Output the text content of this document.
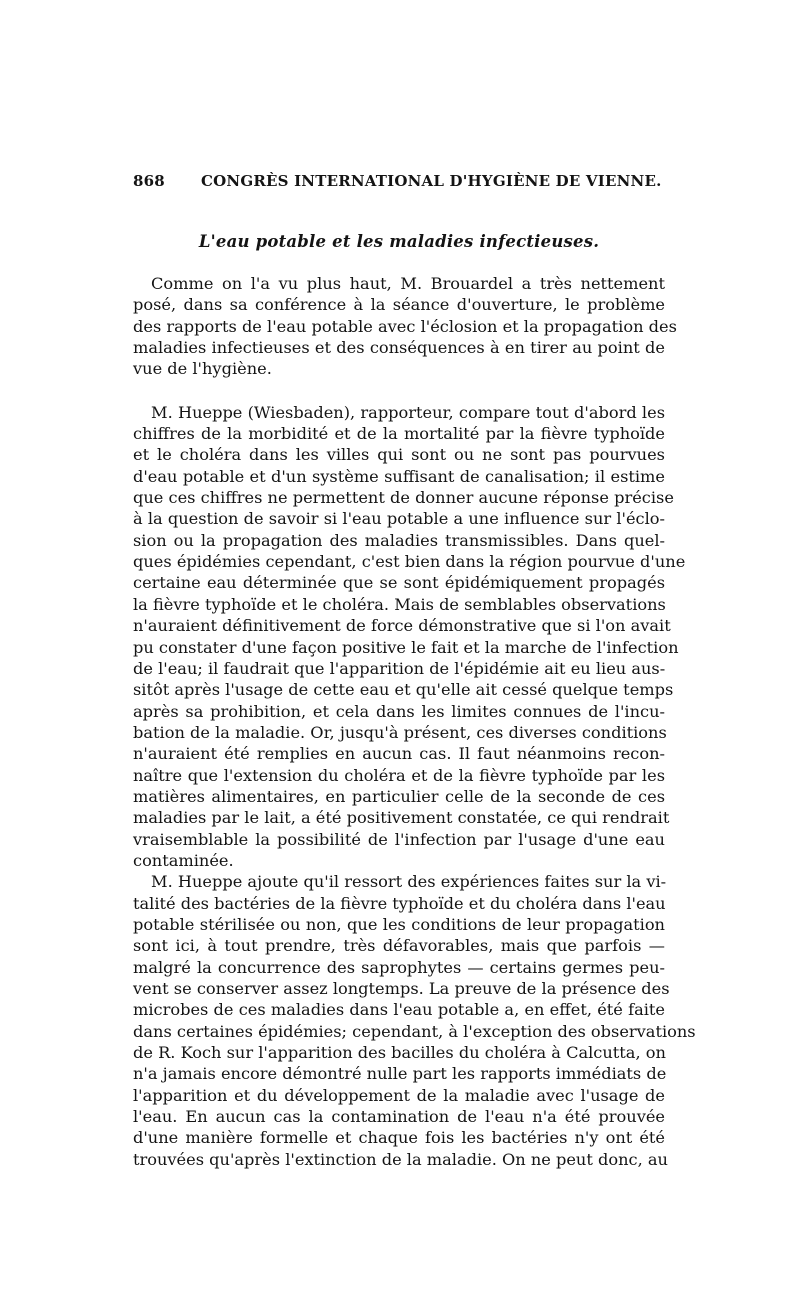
868	CONGRÈS INTERNATIONAL D'HYGIÈNE DE VIENNE.
L'eau potable et les maladies infectieuses.

Comme on l'a vu plus haut, M. Brouardel a très nettement
posé, dans sa conférence à la séance d'ouverture, le problème
des rapports de l'eau potable avec l'éclosion et la propagation des
maladies infectieuses et des conséquences à en tirer au point de
vue de l'hygiène.

M. Hueppe (Wiesbaden), rapporteur, compare tout d'abord les
chiffres de la morbidité et de la mortalité par la fièvre typhoïde
et le choléra dans les villes qui sont ou ne sont pas pourvues
d'eau potable et d'un système suffisant de canalisation; il estime
que ces chiffres ne permettent de donner aucune réponse précise
à la question de savoir si l'eau potable a une influence sur l'éclo-
sion ou la propagation des maladies transmissibles. Dans quel-
ques épidémies cependant, c'est bien dans la région pourvue d'une
certaine eau déterminée que se sont épidémiquement propagés
la fièvre typhoïde et le choléra. Mais de semblables observations
n'auraient définitivement de force démonstrative que si l'on avait
pu constater d'une façon positive le fait et la marche de l'infection
de l'eau; il faudrait que l'apparition de l'épidémie ait eu lieu aus-
sitôt après l'usage de cette eau et qu'elle ait cessé quelque temps
après sa prohibition, et cela dans les limites connues de l'incu-
bation de la maladie. Or, jusqu'à présent, ces diverses conditions
n'auraient été remplies en aucun cas. Il faut néanmoins recon-
naître que l'extension du choléra et de la fièvre typhoïde par les
matières alimentaires, en particulier celle de la seconde de ces
maladies par le lait, a été positivement constatée, ce qui rendrait
vraisemblable la possibilité de l'infection par l'usage d'une eau
contaminée.

M. Hueppe ajoute qu'il ressort des expériences faites sur la vi-
talité des bactéries de la fièvre typhoïde et du choléra dans l'eau
potable stérilisée ou non, que les conditions de leur propagation
sont ici, à tout prendre, très défavorables, mais que parfois —
malgré la concurrence des saprophytes — certains germes peu-
vent se conserver assez longtemps. La preuve de la présence des
microbes de ces maladies dans l'eau potable a, en effet, été faite
dans certaines épidémies; cependant, à l'exception des observations
de R. Koch sur l'apparition des bacilles du choléra à Calcutta, on
n'a jamais encore démontré nulle part les rapports immédiats de
l'apparition et du développement de la maladie avec l'usage de
l'eau. En aucun cas la contamination de l'eau n'a été prouvée
d'une manière formelle et chaque fois les bactéries n'y ont été
trouvées qu'après l'extinction de la maladie. On ne peut donc, au
